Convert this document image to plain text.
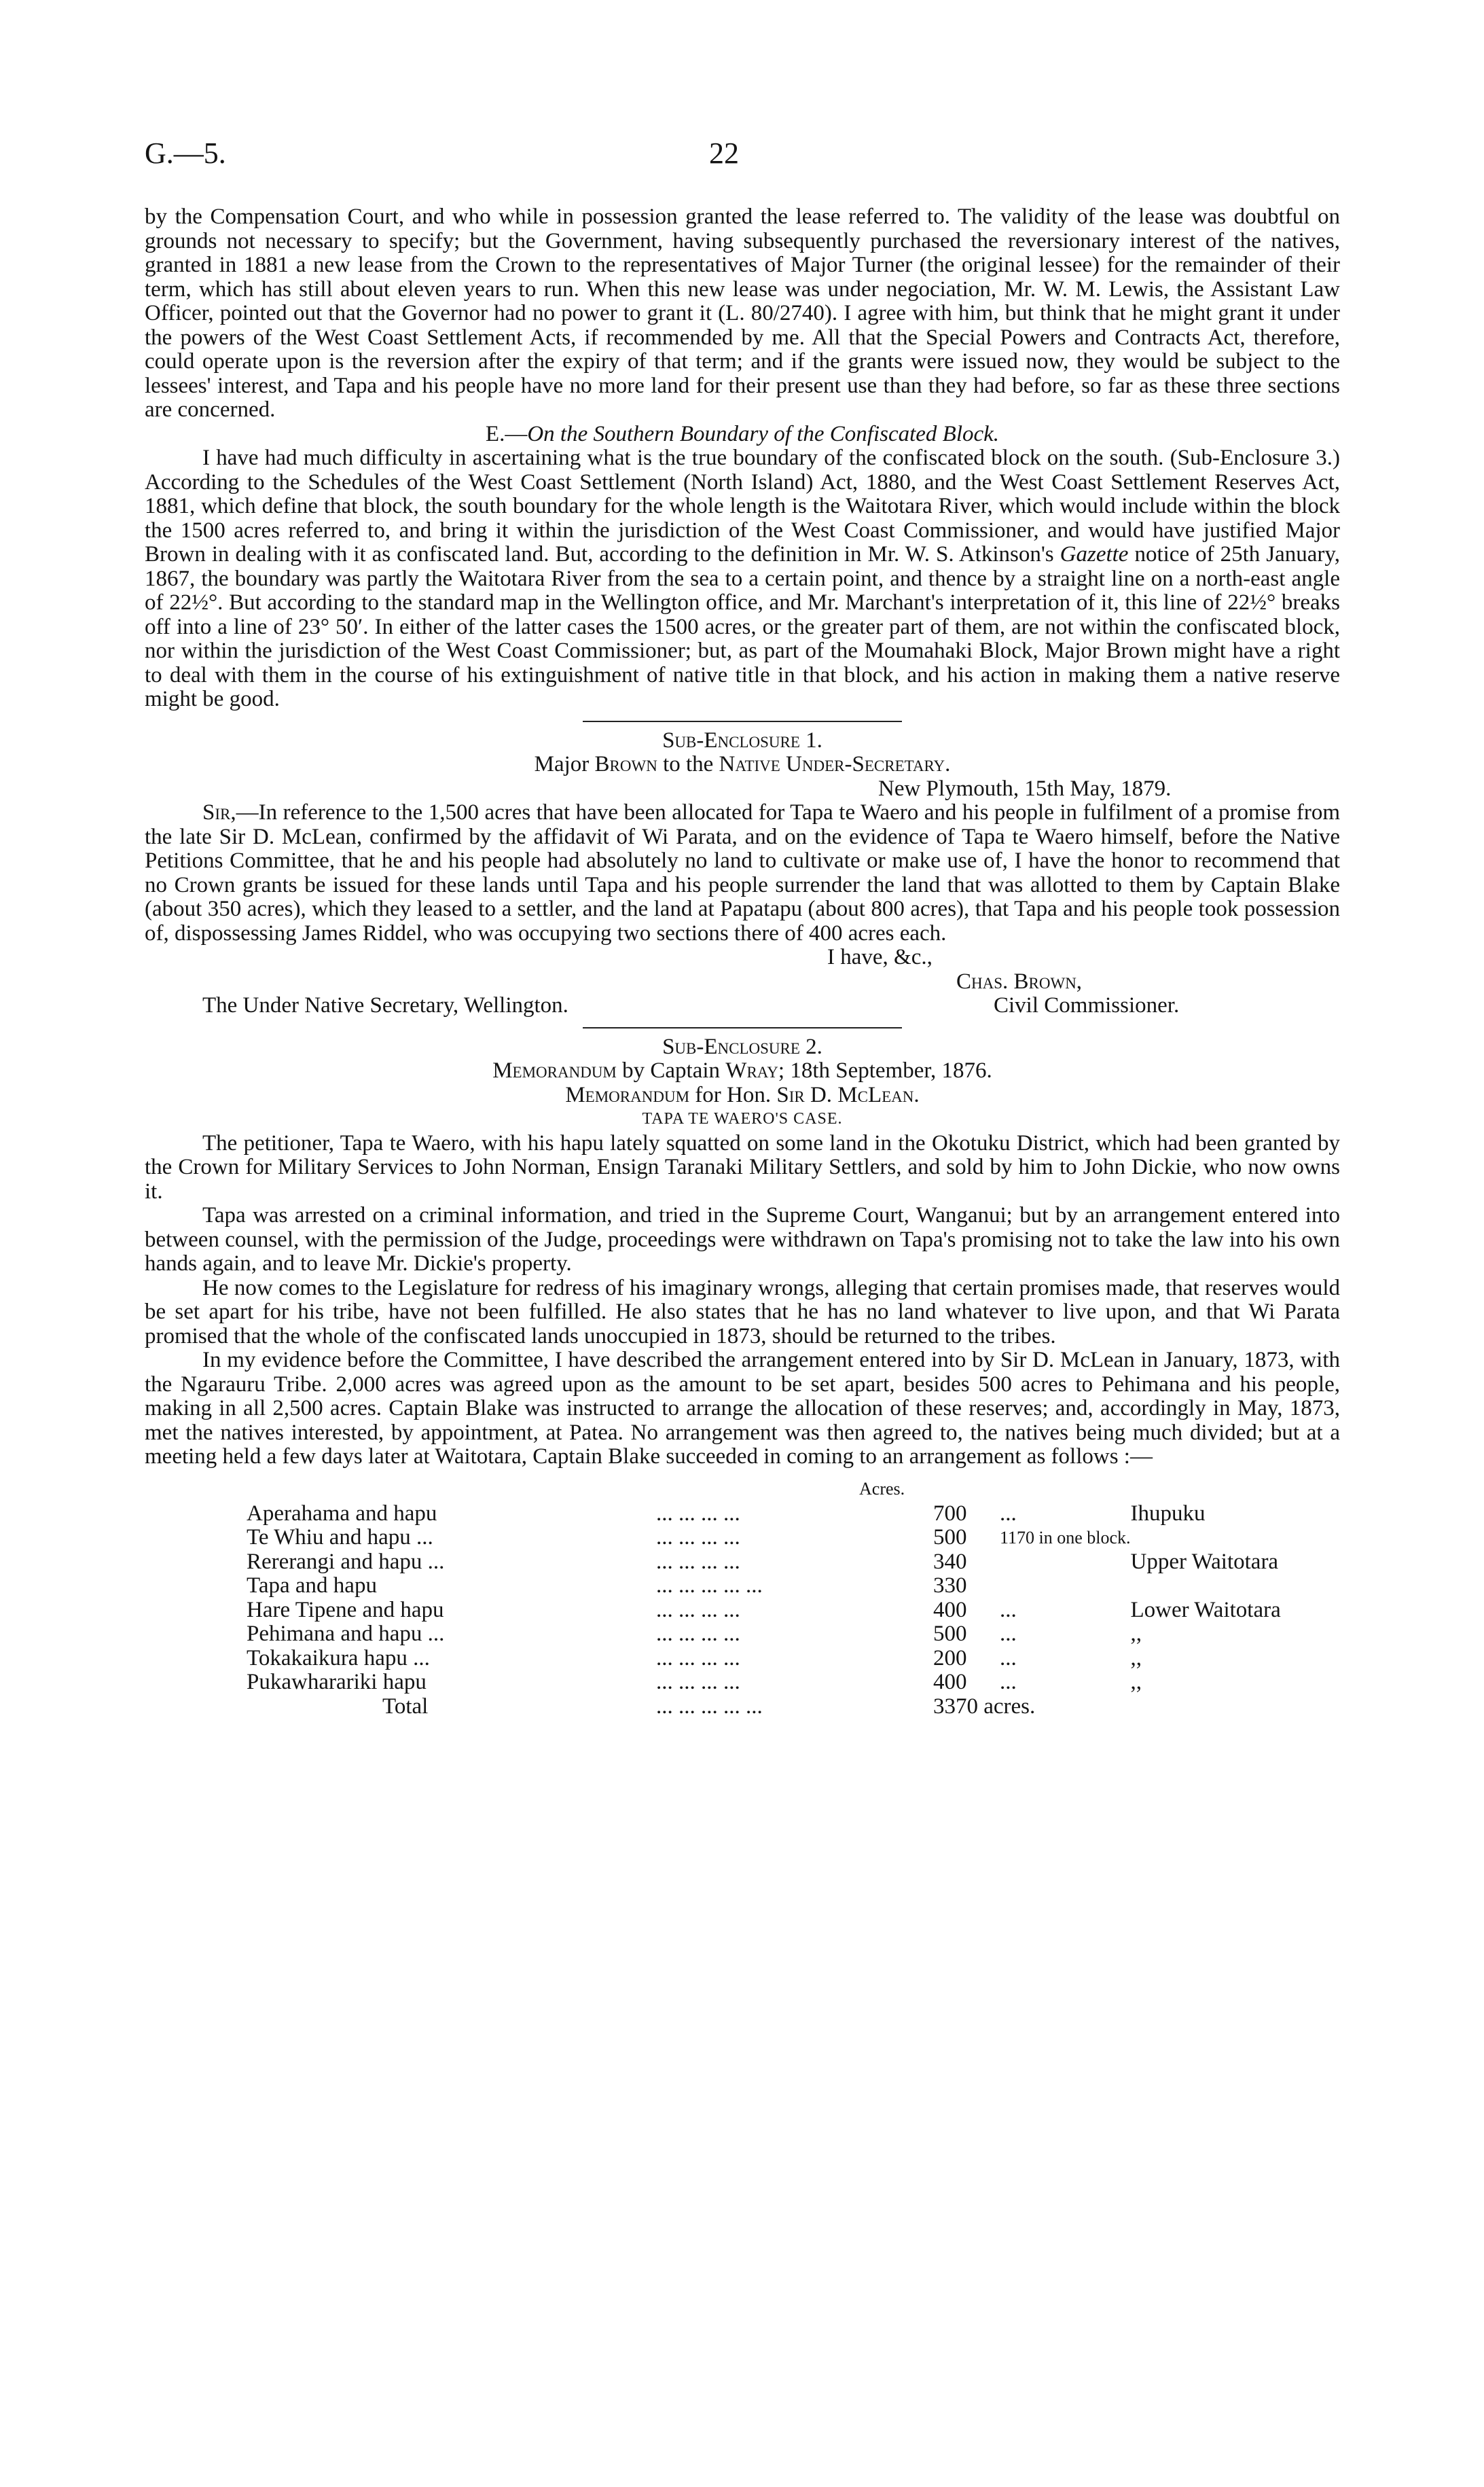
G.—5.	22

by the Compensation Court, and who while in possession granted the lease referred to. The validity of the lease was doubtful on grounds not necessary to specify; but the Government, having subsequently purchased the reversionary interest of the natives, granted in 1881 a new lease from the Crown to the representatives of Major Turner (the original lessee) for the remainder of their term, which has still about eleven years to run. When this new lease was under negociation, Mr. W. M. Lewis, the Assistant Law Officer, pointed out that the Governor had no power to grant it (L. 80/2740). I agree with him, but think that he might grant it under the powers of the West Coast Settlement Acts, if recommended by me. All that the Special Powers and Contracts Act, therefore, could operate upon is the reversion after the expiry of that term; and if the grants were issued now, they would be subject to the lessees' interest, and Tapa and his people have no more land for their present use than they had before, so far as these three sections are concerned.

E.—On the Southern Boundary of the Confiscated Block.

I have had much difficulty in ascertaining what is the true boundary of the confiscated block on the south. (Sub-Enclosure 3.) According to the Schedules of the West Coast Settlement (North Island) Act, 1880, and the West Coast Settlement Reserves Act, 1881, which define that block, the south boundary for the whole length is the Waitotara River, which would include within the block the 1500 acres referred to, and bring it within the jurisdiction of the West Coast Commissioner, and would have justified Major Brown in dealing with it as confiscated land. But, according to the definition in Mr. W. S. Atkinson's Gazette notice of 25th January, 1867, the boundary was partly the Waitotara River from the sea to a certain point, and thence by a straight line on a north-east angle of 22½°. But according to the standard map in the Wellington office, and Mr. Marchant's interpretation of it, this line of 22½° breaks off into a line of 23° 50′. In either of the latter cases the 1500 acres, or the greater part of them, are not within the confiscated block, nor within the jurisdiction of the West Coast Commissioner; but, as part of the Moumahaki Block, Major Brown might have a right to deal with them in the course of his extinguishment of native title in that block, and his action in making them a native reserve might be good.

Sub-Enclosure 1.

Major Brown to the Native Under-Secretary.

New Plymouth, 15th May, 1879.

Sir,—In reference to the 1,500 acres that have been allocated for Tapa te Waero and his people in fulfilment of a promise from the late Sir D. McLean, confirmed by the affidavit of Wi Parata, and on the evidence of Tapa te Waero himself, before the Native Petitions Committee, that he and his people had absolutely no land to cultivate or make use of, I have the honor to recommend that no Crown grants be issued for these lands until Tapa and his people surrender the land that was allotted to them by Captain Blake (about 350 acres), which they leased to a settler, and the land at Papatapu (about 800 acres), that Tapa and his people took possession of, dispossessing James Riddel, who was occupying two sections there of 400 acres each.

I have, &c.,
Chas. Brown,
The Under Native Secretary, Wellington.	Civil Commissioner.

Sub-Enclosure 2.

Memorandum by Captain Wray; 18th September, 1876.

Memorandum for Hon. Sir D. McLean.

TAPA TE WAERO'S CASE.

The petitioner, Tapa te Waero, with his hapu lately squatted on some land in the Okotuku District, which had been granted by the Crown for Military Services to John Norman, Ensign Taranaki Military Settlers, and sold by him to John Dickie, who now owns it.

Tapa was arrested on a criminal information, and tried in the Supreme Court, Wanganui; but by an arrangement entered into between counsel, with the permission of the Judge, proceedings were withdrawn on Tapa's promising not to take the law into his own hands again, and to leave Mr. Dickie's property.

He now comes to the Legislature for redress of his imaginary wrongs, alleging that certain promises made, that reserves would be set apart for his tribe, have not been fulfilled. He also states that he has no land whatever to live upon, and that Wi Parata promised that the whole of the confiscated lands unoccupied in 1873, should be returned to the tribes.

In my evidence before the Committee, I have described the arrangement entered into by Sir D. McLean in January, 1873, with the Ngarauru Tribe. 2,000 acres was agreed upon as the amount to be set apart, besides 500 acres to Pehimana and his people, making in all 2,500 acres. Captain Blake was instructed to arrange the allocation of these reserves; and, accordingly in May, 1873, met the natives interested, by appointment, at Patea. No arrangement was then agreed to, the natives being much divided; but at a meeting held a few days later at Waitotara, Captain Blake succeeded in coming to an arrangement as follows :—

Acres.
Aperahama and hapu	... ... ... ...	700	...	Ihupuku
Te Whiu and hapu ...	... ... ... ...	500	1170 in one block.	
Rererangi and hapu ...	... ... ... ...	340		Upper Waitotara
Tapa and hapu	... ... ... ... ...	330		
Hare Tipene and hapu	... ... ... ...	400	...	Lower Waitotara
Pehimana and hapu ...	... ... ... ...	500	...	,,
Tokakaikura hapu ...	... ... ... ...	200	...	,,
Pukawharariki hapu	... ... ... ...	400	...	,,
Total	... ... ... ... ...	3370 acres.		
